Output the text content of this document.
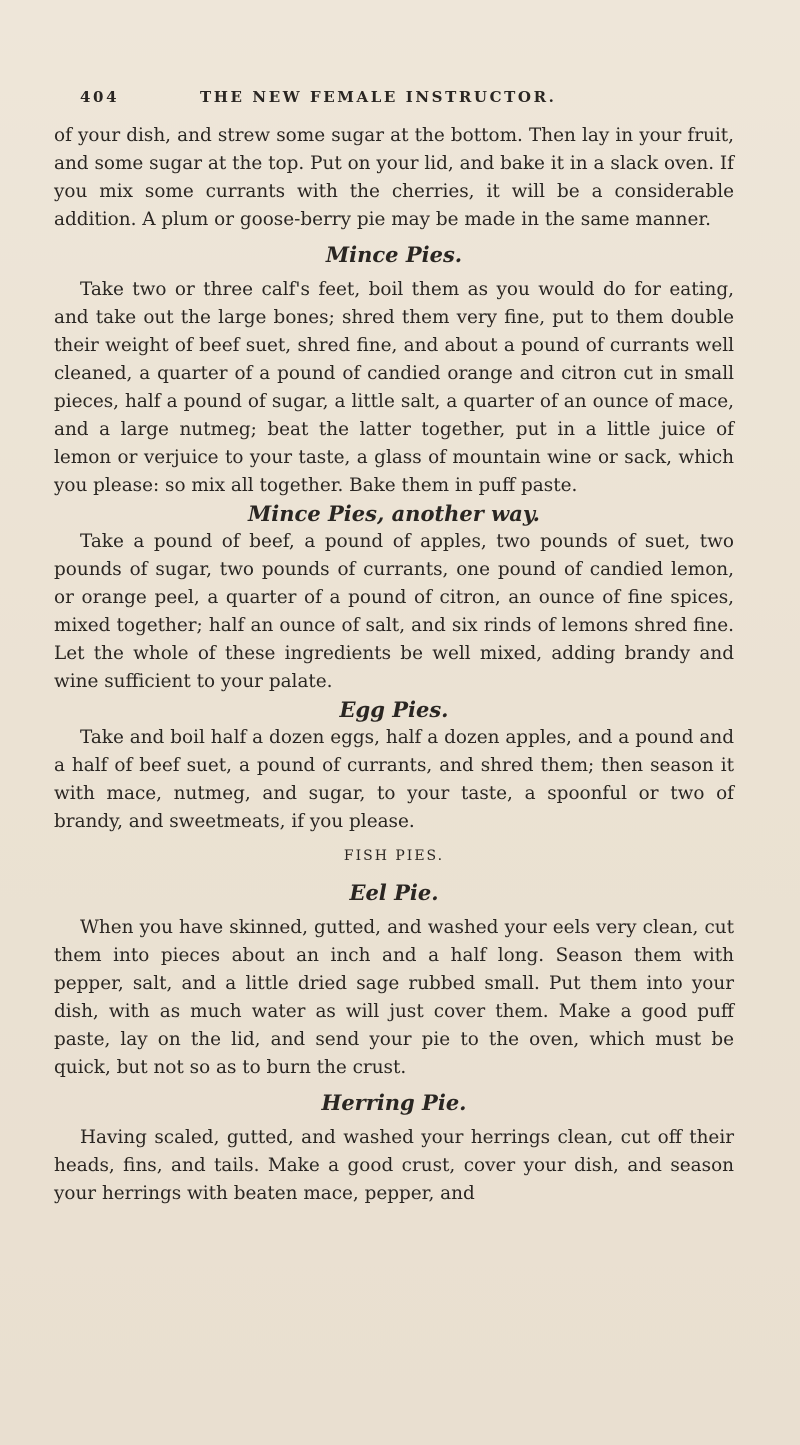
404	THE NEW FEMALE INSTRUCTOR.

of your dish, and strew some sugar at the bottom. Then lay in your fruit, and some sugar at the top. Put on your lid, and bake it in a slack oven. If you mix some currants with the cherries, it will be a considerable addition. A plum or goose-berry pie may be made in the same manner.

Mince Pies.

Take two or three calf's feet, boil them as you would do for eating, and take out the large bones; shred them very fine, put to them double their weight of beef suet, shred fine, and about a pound of currants well cleaned, a quarter of a pound of candied orange and citron cut in small pieces, half a pound of sugar, a little salt, a quarter of an ounce of mace, and a large nutmeg; beat the latter together, put in a little juice of lemon or verjuice to your taste, a glass of mountain wine or sack, which you please: so mix all together. Bake them in puff paste.

Mince Pies, another way.

Take a pound of beef, a pound of apples, two pounds of suet, two pounds of sugar, two pounds of currants, one pound of candied lemon, or orange peel, a quarter of a pound of citron, an ounce of fine spices, mixed together; half an ounce of salt, and six rinds of lemons shred fine. Let the whole of these ingredients be well mixed, adding brandy and wine sufficient to your palate.

Egg Pies.

Take and boil half a dozen eggs, half a dozen apples, and a pound and a half of beef suet, a pound of currants, and shred them; then season it with mace, nutmeg, and sugar, to your taste, a spoonful or two of brandy, and sweetmeats, if you please.

FISH PIES.
Eel Pie.

When you have skinned, gutted, and washed your eels very clean, cut them into pieces about an inch and a half long. Season them with pepper, salt, and a little dried sage rubbed small. Put them into your dish, with as much water as will just cover them. Make a good puff paste, lay on the lid, and send your pie to the oven, which must be quick, but not so as to burn the crust.

Herring Pie.

Having scaled, gutted, and washed your herrings clean, cut off their heads, fins, and tails. Make a good crust, cover your dish, and season your herrings with beaten mace, pepper, and
